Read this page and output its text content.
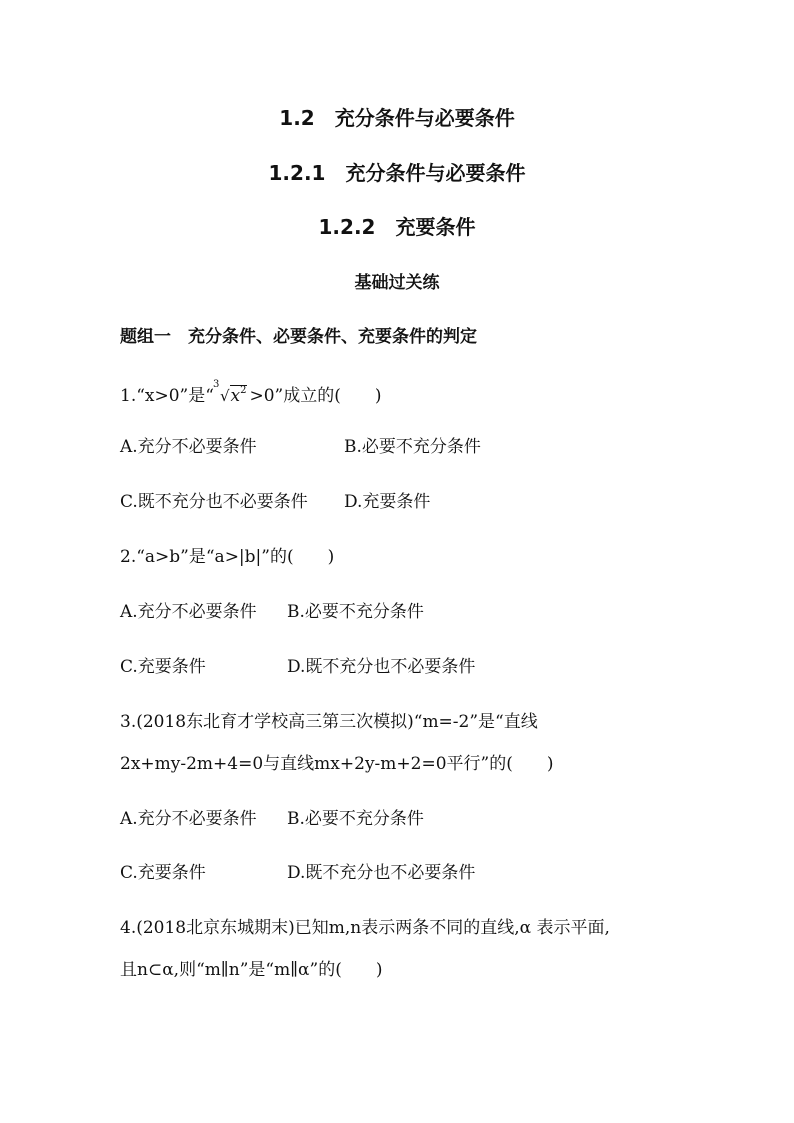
1.2　充分条件与必要条件
1.2.1　充分条件与必要条件
1.2.2　充要条件
基础过关练
题组一　充分条件、必要条件、充要条件的判定
1.“x>0”是“
3
$√x^2 >0$”成立的(　　)
A.充分不必要条件	B.必要不充分条件
C.既不充分也不必要条件 D.充要条件
2.“a>b”是“a>|b|”的(　　)
A.充分不必要条件 B.必要不充分条件
C.充要条件	D.既不充分也不必要条件
3.(2018东北育才学校高三第三次模拟)“m=-2”是“直线
2x+my-2m+4=0与直线mx+2y-m+2=0平行”的(　　)
A.充分不必要条件 B.必要不充分条件
C.充要条件	D.既不充分也不必要条件
4.(2018北京东城期末)已知m,n表示两条不同的直线,α 表示平面,
且n⊂α,则“m∥n”是“m∥α”的(　　)
